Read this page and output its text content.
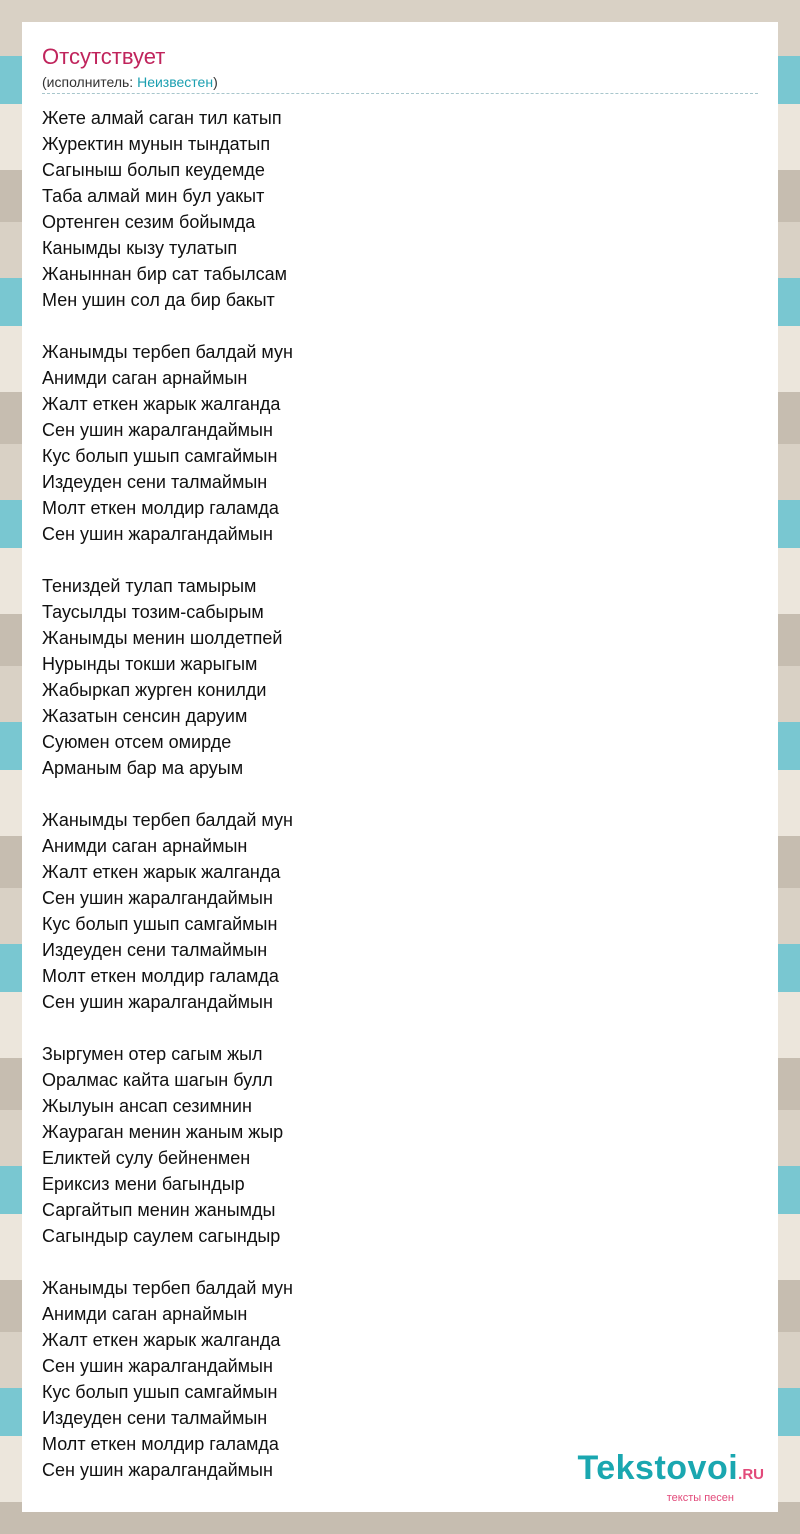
Отсутствует
(исполнитель: Неизвестен)
Жете алмай саган тил катып
Журектин мунын тындатып
Сагыныш болып кеудемде
Таба алмай мин бул уакыт
Ортенген сезим бойымда
Канымды кызу тулатып
Жаныннан бир сат табылсам
Мен ушин сол да бир бакыт
Жанымды тербеп балдай мун
Анимди саган арнаймын
Жалт еткен жарык жалганда
Сен ушин жаралгандаймын
Кус болып ушып самгаймын
Издеуден сени талмаймын
Молт еткен молдир галамда
Сен ушин жаралгандаймын
Тениздей тулап тамырым
Таусылды тозим-сабырым
Жанымды менин шолдетпей
Нурынды токши жарыгым
Жабыркап журген конилди
Жазатын сенсин даруим
Суюмен отсем омирде
Арманым бар ма аруым
Жанымды тербеп балдай мун
Анимди саган арнаймын
Жалт еткен жарык жалганда
Сен ушин жаралгандаймын
Кус болып ушып самгаймын
Издеуден сени талмаймын
Молт еткен молдир галамда
Сен ушин жаралгандаймын
Зыргумен отер сагым жыл
Оралмас кайта шагын булл
Жылуын ансап сезимнин
Жаураган менин жаным жыр
Еликтей сулу бейненмен
Ериксиз мени багындыр
Саргайтып менин жанымды
Сагындыр саулем сагындыр
Жанымды тербеп балдай мун
Анимди саган арнаймын
Жалт еткен жарык жалганда
Сен ушин жаралгандаймын
Кус болып ушып самгаймын
Издеуден сени талмаймын
Молт еткен молдир галамда
Сен ушин жаралгандаймын	Tekstovoi.RU
тексты песен
